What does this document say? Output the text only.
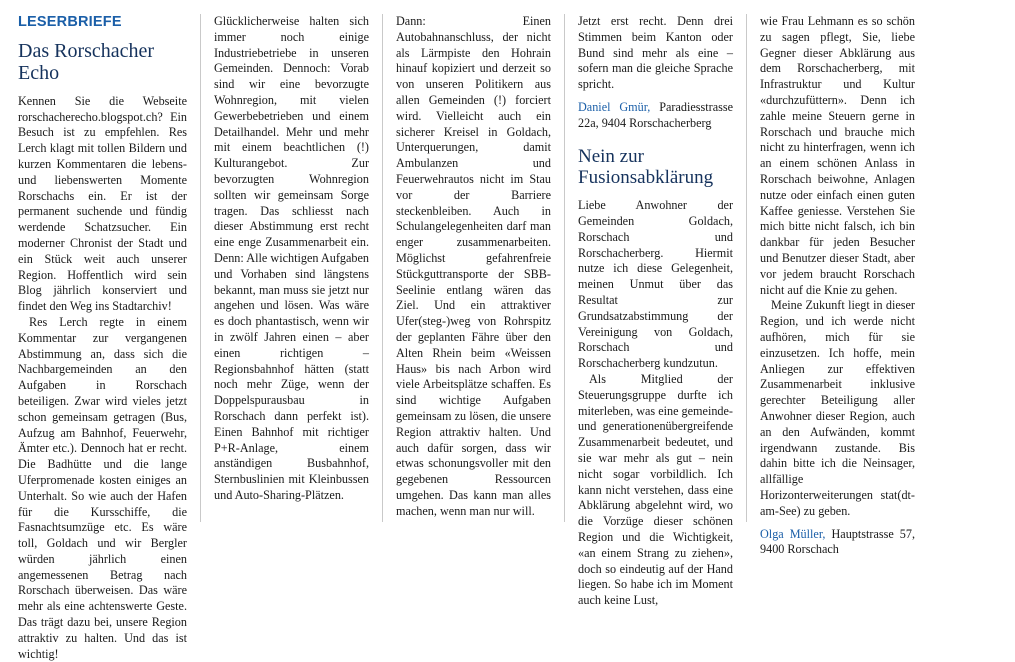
LESERBRIEFE
Das Rorschacher Echo

Kennen Sie die Webseite rorschacherecho.blogspot.ch? Ein Besuch ist zu empfehlen. Res Lerch klagt mit tollen Bildern und kurzen Kommentaren die lebens- und liebenswerten Momente Rorschachs ein. Er ist der permanent suchende und fündig werdende Schatzsucher. Ein moderner Chronist der Stadt und ein Stück weit auch unserer Region. Hoffentlich wird sein Blog jährlich konserviert und findet den Weg ins Stadtarchiv!

Res Lerch regte in einem Kommentar zur vergangenen Abstimmung an, dass sich die Nachbargemeinden an den Aufgaben in Rorschach beteiligen. Zwar wird vieles jetzt schon gemeinsam getragen (Bus, Aufzug am Bahnhof, Feuerwehr, Ämter etc.). Dennoch hat er recht. Die Badhütte und die lange Uferpromenade kosten einiges an Unterhalt. So wie auch der Hafen für die Kursschiffe, die Fasnachtsumzüge etc. Es wäre toll, Goldach und wir Bergler würden jährlich einen angemessenen Betrag nach Rorschach überweisen. Das wäre mehr als eine achtenswerte Geste. Das trägt dazu bei, unsere Region attraktiv zu halten. Und das ist wichtig!

Glücklicherweise halten sich immer noch einige Industriebetriebe in unseren Gemeinden. Dennoch: Vorab sind wir eine bevorzugte Wohnregion, mit vielen Gewerbebetrieben und einem Detailhandel. Mehr und mehr mit einem beachtlichen (!) Kulturangebot. Zur bevorzugten Wohnregion sollten wir gemeinsam Sorge tragen. Das schliesst nach dieser Abstimmung erst recht eine enge Zusammenarbeit ein. Denn: Alle wichtigen Aufgaben und Vorhaben sind längstens bekannt, man muss sie jetzt nur angehen und lösen. Was wäre es doch phantastisch, wenn wir in zwölf Jahren einen – aber einen richtigen – Regionsbahnhof hätten (statt noch mehr Züge, wenn der Doppelspurausbau in Rorschach dann perfekt ist). Einen Bahnhof mit richtiger P+R-Anlage, einem anständigen Busbahnhof, Sternbuslinien mit Kleinbussen und Auto-Sharing-Plätzen.

Dann: Einen Autobahnanschluss, der nicht als Lärmpiste den Hohrain hinauf kopiziert und derzeit so von unseren Politikern aus allen Gemeinden (!) forciert wird. Vielleicht auch ein sicherer Kreisel in Goldach, Unterquerungen, damit Ambulanzen und Feuerwehrautos nicht im Stau vor der Barriere steckenbleiben. Auch in Schulangelegenheiten darf man enger zusammenarbeiten. Möglichst gefahrenfreie Stückguttransporte der SBB-Seelinie entlang wären das Ziel. Und ein attraktiver Ufer(steg-)weg von Rohrspitz der geplanten Fähre über den Alten Rhein beim «Weissen Haus» bis nach Arbon wird viele Arbeitsplätze schaffen. Es sind wichtige Aufgaben gemeinsam zu lösen, die unsere Region attraktiv halten. Und auch dafür sorgen, dass wir etwas schonungsvoller mit den gegebenen Ressourcen umgehen. Das kann man alles machen, wenn man nur will.

Jetzt erst recht. Denn drei Stimmen beim Kanton oder Bund sind mehr als eine – sofern man die gleiche Sprache spricht.

Daniel Gmür, Paradiesstrasse 22a, 9404 Rorschacherberg

Nein zur Fusionsabklärung

Liebe Anwohner der Gemeinden Goldach, Rorschach und Rorschacherberg. Hiermit nutze ich diese Gelegenheit, meinen Unmut über das Resultat zur Grundsatzabstimmung der Vereinigung von Goldach, Rorschach und Rorschacherberg kundzutun.

Als Mitglied der Steuerungsgruppe durfte ich miterleben, was eine gemeinde- und generationenübergreifende Zusammenarbeit bedeutet, und sie war mehr als gut – nein nicht sogar vorbildlich. Ich kann nicht verstehen, dass eine Abklärung abgelehnt wird, wo die Vorzüge dieser schönen Region und die Wichtigkeit, «an einem Strang zu ziehen», doch so eindeutig auf der Hand liegen. So habe ich im Moment auch keine Lust,

wie Frau Lehmann es so schön zu sagen pflegt, Sie, liebe Gegner dieser Abklärung aus dem Rorschacherberg, mit Infrastruktur und Kultur «durchzufüttern». Denn ich zahle meine Steuern gerne in Rorschach und brauche mich nicht zu hinterfragen, wenn ich an einem schönen Anlass in Rorschach beiwohne, Anlagen nutze oder einfach einen guten Kaffee geniesse. Verstehen Sie mich bitte nicht falsch, ich bin dankbar für jeden Besucher und Benutzer dieser Stadt, aber vor jedem braucht Rorschach nicht auf die Knie zu gehen.

Meine Zukunft liegt in dieser Region, und ich werde nicht aufhören, mich für sie einzusetzen. Ich hoffe, mein Anliegen zur effektiven Zusammenarbeit inklusive gerechter Beteiligung aller Anwohner dieser Region, auch an den Aufwänden, kommt irgendwann zustande. Bis dahin bitte ich die Neinsager, allfällige Horizonterweiterungen stat(dt-am-See) zu geben.

Olga Müller, Hauptstrasse 57, 9400 Rorschach
